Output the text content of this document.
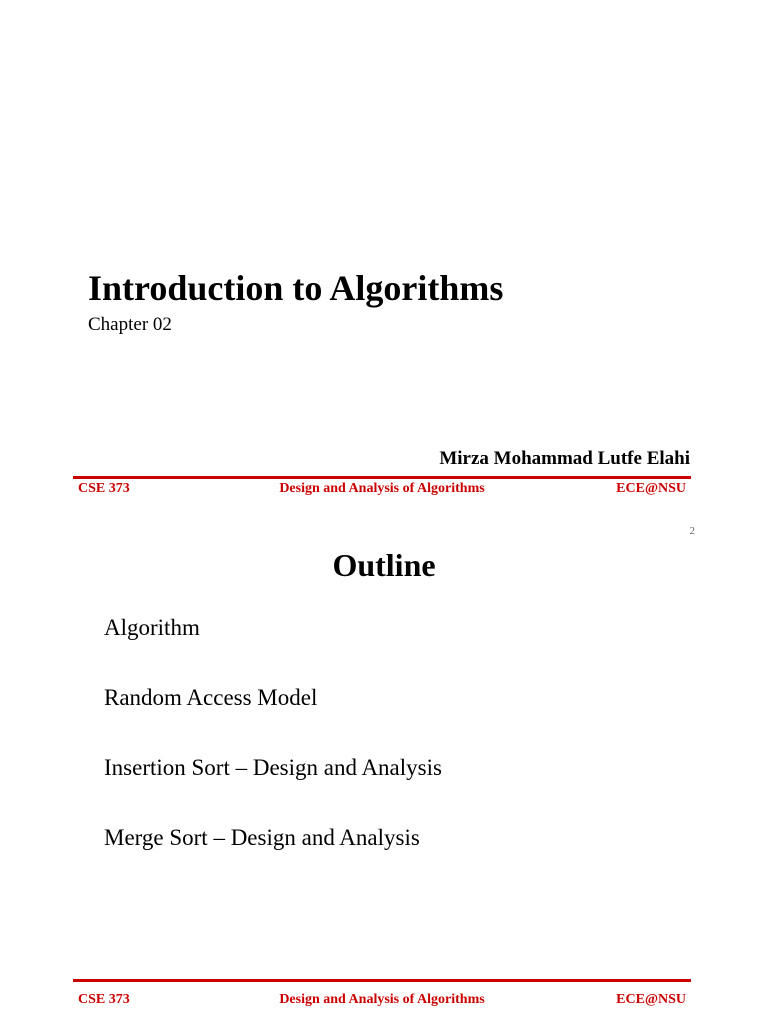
Introduction to Algorithms

Chapter 02

Mirza Mohammad Lutfe Elahi

CSE 373	Design and Analysis of Algorithms	ECE@NSU
2
Outline
Algorithm
Random Access Model
Insertion Sort – Design and Analysis
Merge Sort – Design and Analysis
CSE 373	Design and Analysis of Algorithms	ECE@NSU
